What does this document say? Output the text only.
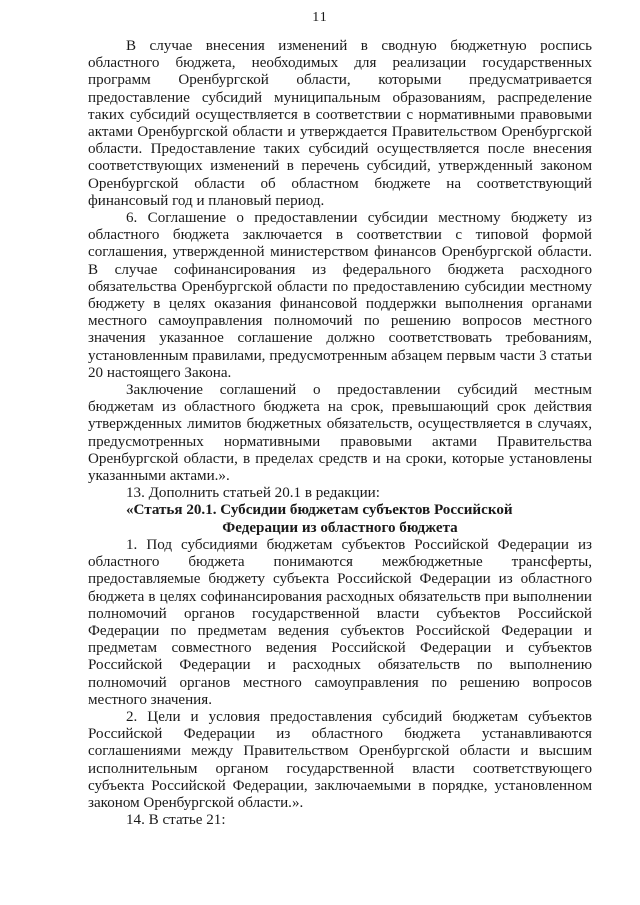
11

В случае внесения изменений в сводную бюджетную роспись областного бюджета, необходимых для реализации государственных программ Оренбургской области, которыми предусматривается предоставление субсидий муниципальным образованиям, распределение таких субсидий осуществляется в соответствии с нормативными правовыми актами Оренбургской области и утверждается Правительством Оренбургской области. Предоставление таких субсидий осуществляется после внесения соответствующих изменений в перечень субсидий, утвержденный законом Оренбургской области об областном бюджете на соответствующий финансовый год и плановый период.

6. Соглашение о предоставлении субсидии местному бюджету из областного бюджета заключается в соответствии с типовой формой соглашения, утвержденной министерством финансов Оренбургской области. В случае софинансирования из федерального бюджета расходного обязательства Оренбургской области по предоставлению субсидии местному бюджету в целях оказания финансовой поддержки выполнения органами местного самоуправления полномочий по решению вопросов местного значения указанное соглашение должно соответствовать требованиям, установленным правилами, предусмотренным абзацем первым части 3 статьи 20 настоящего Закона.

Заключение соглашений о предоставлении субсидий местным бюджетам из областного бюджета на срок, превышающий срок действия утвержденных лимитов бюджетных обязательств, осуществляется в случаях, предусмотренных нормативными правовыми актами Правительства Оренбургской области, в пределах средств и на сроки, которые установлены указанными актами.».

13. Дополнить статьей 20.1 в редакции:

«Статья 20.1. Субсидии бюджетам субъектов Российской

Федерации из областного бюджета

1. Под субсидиями бюджетам субъектов Российской Федерации из областного бюджета понимаются межбюджетные трансферты, предоставляемые бюджету субъекта Российской Федерации из областного бюджета в целях софинансирования расходных обязательств при выполнении полномочий органов государственной власти субъектов Российской Федерации по предметам ведения субъектов Российской Федерации и предметам совместного ведения Российской Федерации и субъектов Российской Федерации и расходных обязательств по выполнению полномочий органов местного самоуправления по решению вопросов местного значения.

2. Цели и условия предоставления субсидий бюджетам субъектов Российской Федерации из областного бюджета устанавливаются соглашениями между Правительством Оренбургской области и высшим исполнительным органом государственной власти соответствующего субъекта Российской Федерации, заключаемыми в порядке, установленном законом Оренбургской области.».

14. В статье 21:
